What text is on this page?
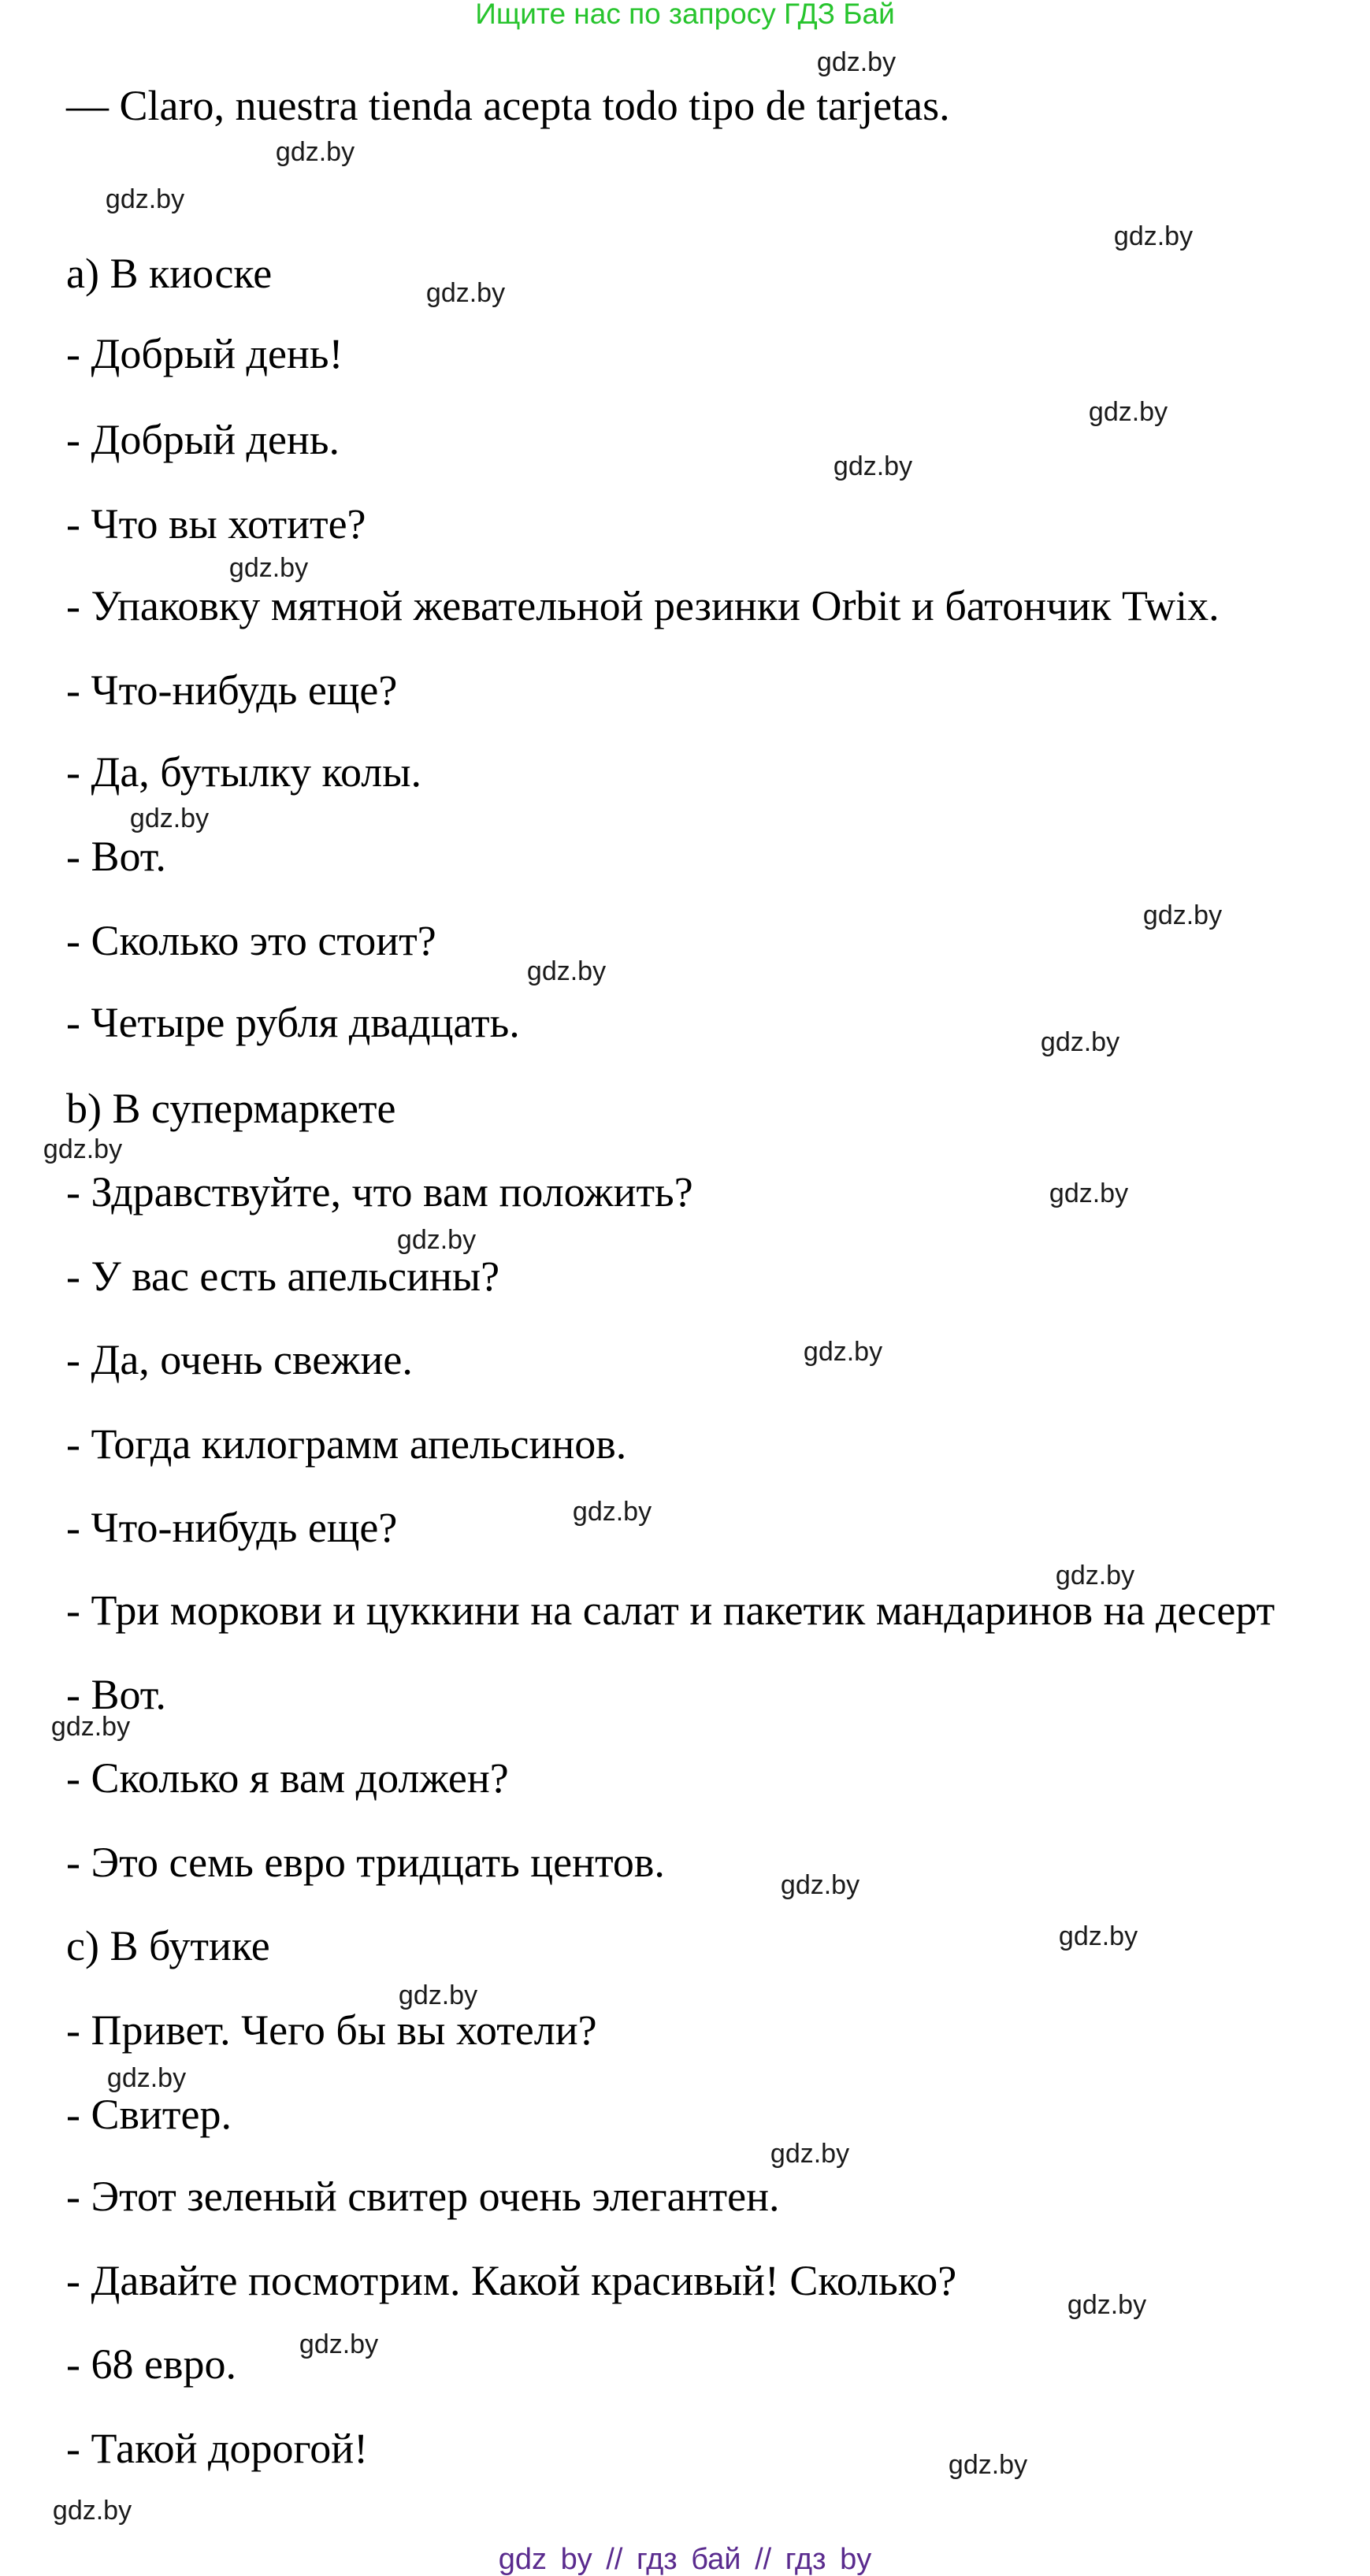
Ищите нас по запросу ГДЗ Бай
— Claro, nuestra tienda acepta todo tipo de tarjetas.
a) В киоске
- Добрый день!
- Добрый день.
- Что вы хотите?
- Упаковку мятной жевательной резинки Orbit и батончик Twix.
- Что-нибудь еще?
- Да, бутылку колы.
- Вот.
- Сколько это стоит?
- Четыре рубля двадцать.
b) В супермаркете
- Здравствуйте, что вам положить?
- У вас есть апельсины?
- Да, очень свежие.
- Тогда килограмм апельсинов.
- Что-нибудь еще?
- Три моркови и цуккини на салат и пакетик мандаринов на десерт
- Вот.
- Сколько я вам должен?
- Это семь евро тридцать центов.
c) В бутике
- Привет. Чего бы вы хотели?
- Свитер.
- Этот зеленый свитер очень элегантен.
- Давайте посмотрим. Какой красивый! Сколько?
- 68 евро.
- Такой дорогой!
gdz.by
gdz.by
gdz.by
gdz.by
gdz.by
gdz.by
gdz.by
gdz.by
gdz.by
gdz.by
gdz.by
gdz.by
gdz.by
gdz.by
gdz.by
gdz.by
gdz.by
gdz.by
gdz.by
gdz.by
gdz.by
gdz.by
gdz.by
gdz.by
gdz.by
gdz.by
gdz.by
gdz.by
gdz by // гдз бай // гдз by
